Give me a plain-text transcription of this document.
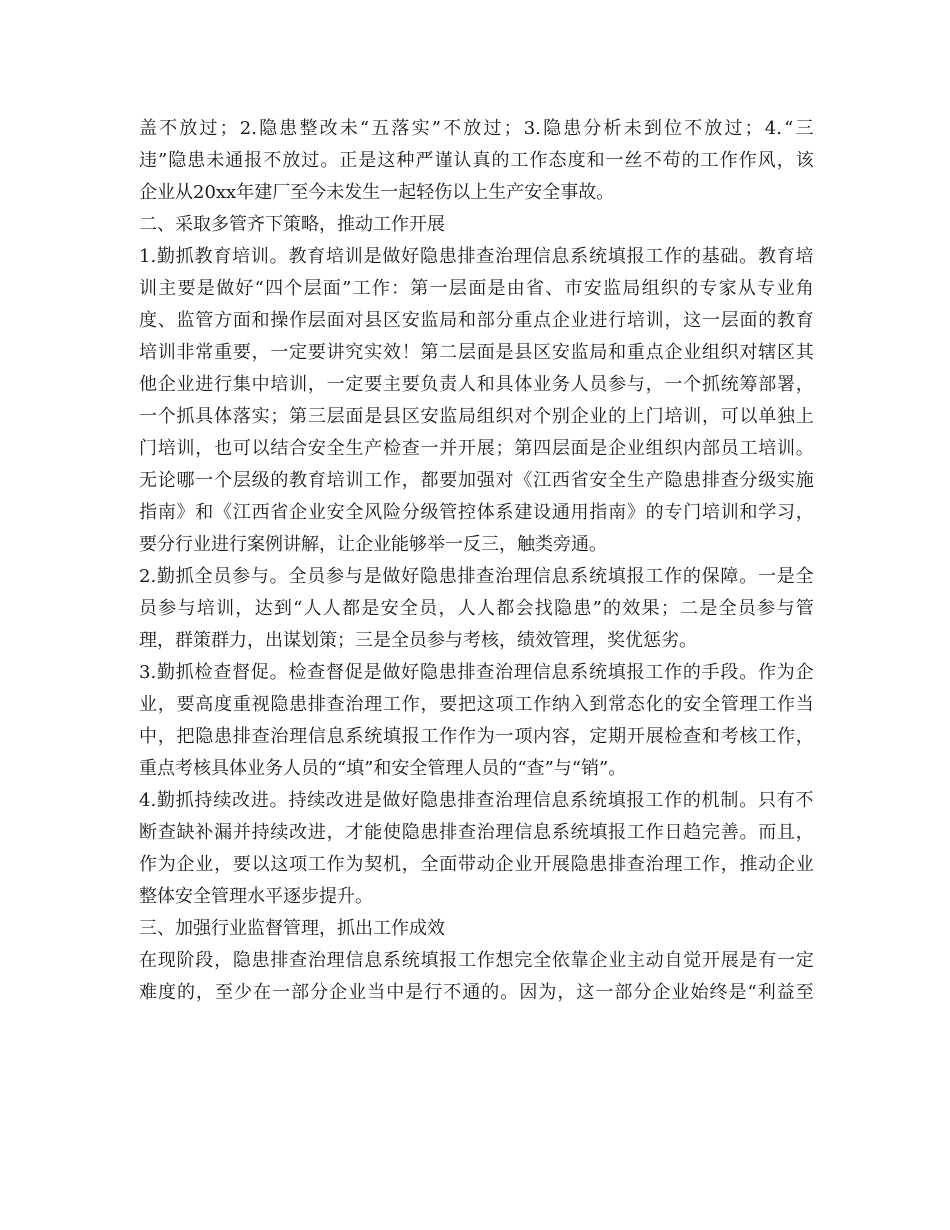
盖 不 放 过 ； 2. 隐 患 整 改 未 “ 五 落 实 ” 不 放 过 ； 3. 隐 患 分 析 未 到 位 不 放 过 ； 4. “ 三
违 ” 隐 患 未 通 报 不 放 过 。 正 是 这 种 严 谨 认 真 的 工 作 态 度 和 一 丝 不 苟 的 工 作 作 风 ， 该
企业从20xx年建厂至今未发生一起轻伤以上生产安全事故。
二、采取多管齐下策略，推动工作开展
1. 勤 抓 教 育 培 训 。 教 育 培 训 是 做 好 隐 患 排 查 治 理 信 息 系 统 填 报 工 作 的 基 础 。 教 育 培
训 主 要 是 做 好 “ 四 个 层 面 ” 工 作 ： 第 一 层 面 是 由 省 、 市 安 监 局 组 织 的 专 家 从 专 业 角
度 、 监 管 方 面 和 操 作 层 面 对 县 区 安 监 局 和 部 分 重 点 企 业 进 行 培 训 ， 这 一 层 面 的 教 育
培 训 非 常 重 要 ， 一 定 要 讲 究 实 效 ！ 第 二 层 面 是 县 区 安 监 局 和 重 点 企 业 组 织 对 辖 区 其
他 企 业 进 行 集 中 培 训 ， 一 定 要 主 要 负 责 人 和 具 体 业 务 人 员 参 与 ， 一 个 抓 统 筹 部 署 ，
一 个 抓 具 体 落 实 ； 第 三 层 面 是 县 区 安 监 局 组 织 对 个 别 企 业 的 上 门 培 训 ， 可 以 单 独 上
门 培 训 ， 也 可 以 结 合 安 全 生 产 检 查 一 并 开 展 ； 第 四 层 面 是 企 业 组 织 内 部 员 工 培 训 。
无 论 哪 一 个 层 级 的 教 育 培 训 工 作 ， 都 要 加 强 对 《 江 西 省 安 全 生 产 隐 患 排 查 分 级 实 施
指 南 》 和 《 江 西 省 企 业 安 全 风 险 分 级 管 控 体 系 建 设 通 用 指 南 》 的 专 门 培 训 和 学 习 ，
要分行业进行案例讲解，让企业能够举一反三，触类旁通。
2. 勤 抓 全 员 参 与 。 全 员 参 与 是 做 好 隐 患 排 查 治 理 信 息 系 统 填 报 工 作 的 保 障 。 一 是 全
员 参 与 培 训 ， 达 到 “ 人 人 都 是 安 全 员 ， 人 人 都 会 找 隐 患 ” 的 效 果 ； 二 是 全 员 参 与 管
理，群策群力，出谋划策；三是全员参与考核，绩效管理，奖优惩劣。
3. 勤 抓 检 查 督 促 。 检 查 督 促 是 做 好 隐 患 排 查 治 理 信 息 系 统 填 报 工 作 的 手 段 。 作 为 企
业 ， 要 高 度 重 视 隐 患 排 查 治 理 工 作 ， 要 把 这 项 工 作 纳 入 到 常 态 化 的 安 全 管 理 工 作 当
中 ， 把 隐 患 排 查 治 理 信 息 系 统 填 报 工 作 作 为 一 项 内 容 ， 定 期 开 展 检 查 和 考 核 工 作 ，
重点考核具体业务人员的“填”和安全管理人员的“查”与“销”。
4. 勤 抓 持 续 改 进 。 持 续 改 进 是 做 好 隐 患 排 查 治 理 信 息 系 统 填 报 工 作 的 机 制 。 只 有 不
断 查 缺 补 漏 并 持 续 改 进 ， 才 能 使 隐 患 排 查 治 理 信 息 系 统 填 报 工 作 日 趋 完 善 。 而 且 ，
作 为 企 业 ， 要 以 这 项 工 作 为 契 机 ， 全 面 带 动 企 业 开 展 隐 患 排 查 治 理 工 作 ， 推 动 企 业
整体安全管理水平逐步提升。
三、加强行业监督管理，抓出工作成效
在 现 阶 段 ， 隐 患 排 查 治 理 信 息 系 统 填 报 工 作 想 完 全 依 靠 企 业 主 动 自 觉 开 展 是 有 一 定
难 度 的 ， 至 少 在 一 部 分 企 业 当 中 是 行 不 通 的 。 因 为 ， 这 一 部 分 企 业 始 终 是 “ 利 益 至
